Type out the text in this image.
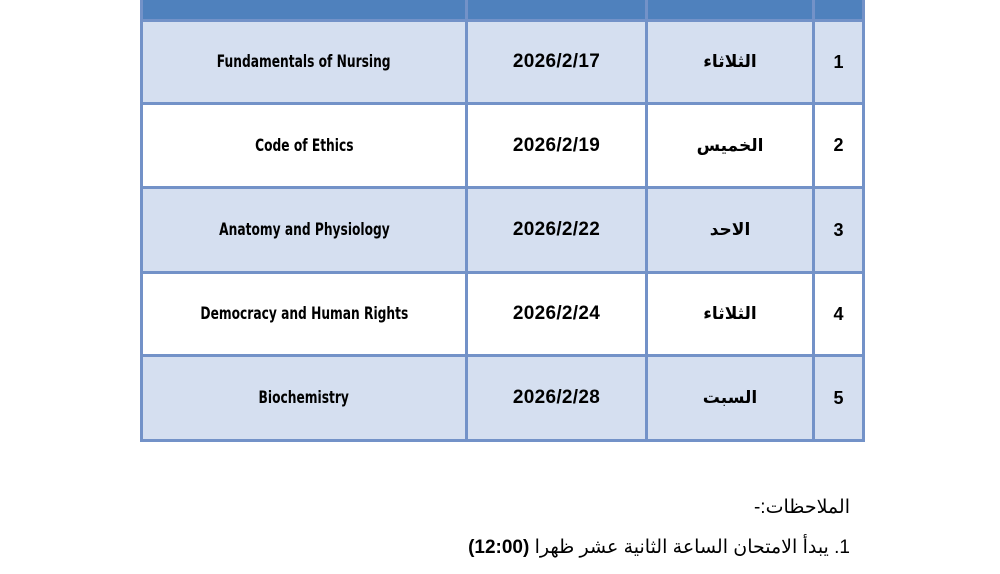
Fundamentals of Nursing	2026/2/17	الثلاثاء	1
Code of Ethics	2026/2/19	الخميس	2
Anatomy and Physiology	2026/2/22	الاحد	3
Democracy and Human Rights	2026/2/24	الثلاثاء	4
Biochemistry	2026/2/28	السبت	5
الملاحظات:-
1. يبدأ الامتحان الساعة الثانية عشر ظهرا (12:00)
